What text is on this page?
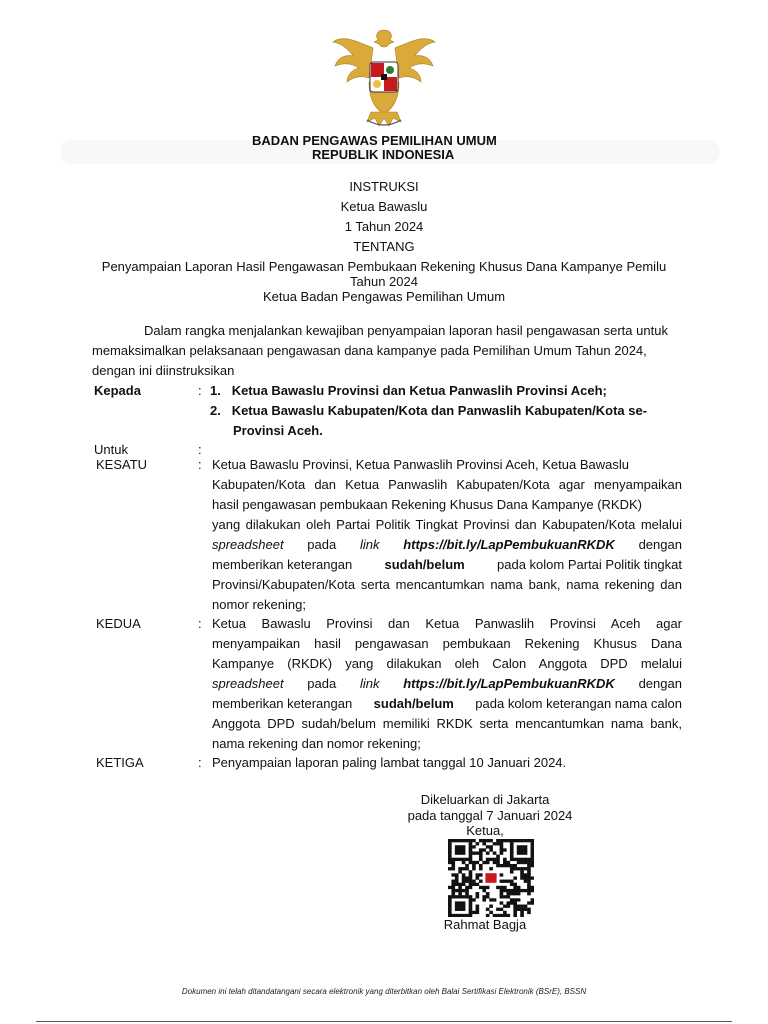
BADAN PENGAWAS PEMILIHAN UMUM
REPUBLIK INDONESIA
INSTRUKSI
Ketua Bawaslu
1 Tahun 2024
TENTANG
Penyampaian Laporan Hasil Pengawasan Pembukaan Rekening Khusus Dana Kampanye Pemilu
Tahun 2024
Ketua Badan Pengawas Pemilihan Umum
Dalam rangka menjalankan kewajiban penyampaian laporan hasil pengawasan serta untuk
memaksimalkan pelaksanaan pengawasan dana kampanye pada Pemilihan Umum Tahun 2024,
dengan ini diinstruksikan
Kepada	: 1. Ketua Bawaslu Provinsi dan Ketua Panwaslih Provinsi Aceh;
2. Ketua Bawaslu Kabupaten/Kota dan Panwaslih Kabupaten/Kota se-
Provinsi Aceh.
Untuk	:
KESATU	: Ketua Bawaslu Provinsi, Ketua Panwaslih Provinsi Aceh, Ketua Bawaslu
Kabupaten/Kota dan Ketua Panwaslih Kabupaten/Kota agar menyampaikan
hasil pengawasan pembukaan Rekening Khusus Dana Kampanye (RKDK)
yang dilakukan oleh Partai Politik Tingkat Provinsi dan Kabupaten/Kota melalui
spreadsheet pada link https://bit.ly/LapPembukuanRKDK dengan
memberikan keterangan sudah/belum pada kolom Partai Politik tingkat
Provinsi/Kabupaten/Kota serta mencantumkan nama bank, nama rekening dan
nomor rekening;
KEDUA	: Ketua Bawaslu Provinsi dan Ketua Panwaslih Provinsi Aceh agar
menyampaikan hasil pengawasan pembukaan Rekening Khusus Dana
Kampanye (RKDK) yang dilakukan oleh Calon Anggota DPD melalui
spreadsheet pada link https://bit.ly/LapPembukuanRKDK dengan
memberikan keterangan sudah/belum pada kolom keterangan nama calon
Anggota DPD sudah/belum memiliki RKDK serta mencantumkan nama bank,
nama rekening dan nomor rekening;
KETIGA	: Penyampaian laporan paling lambat tanggal 10 Januari 2024.
Dikeluarkan di Jakarta
pada tanggal 7 Januari 2024
Ketua,
Rahmat Bagja
Dokumen ini telah ditandatangani secara elektronik yang diterbitkan oleh Balai Sertifikasi Elektronik (BSrE), BSSN
